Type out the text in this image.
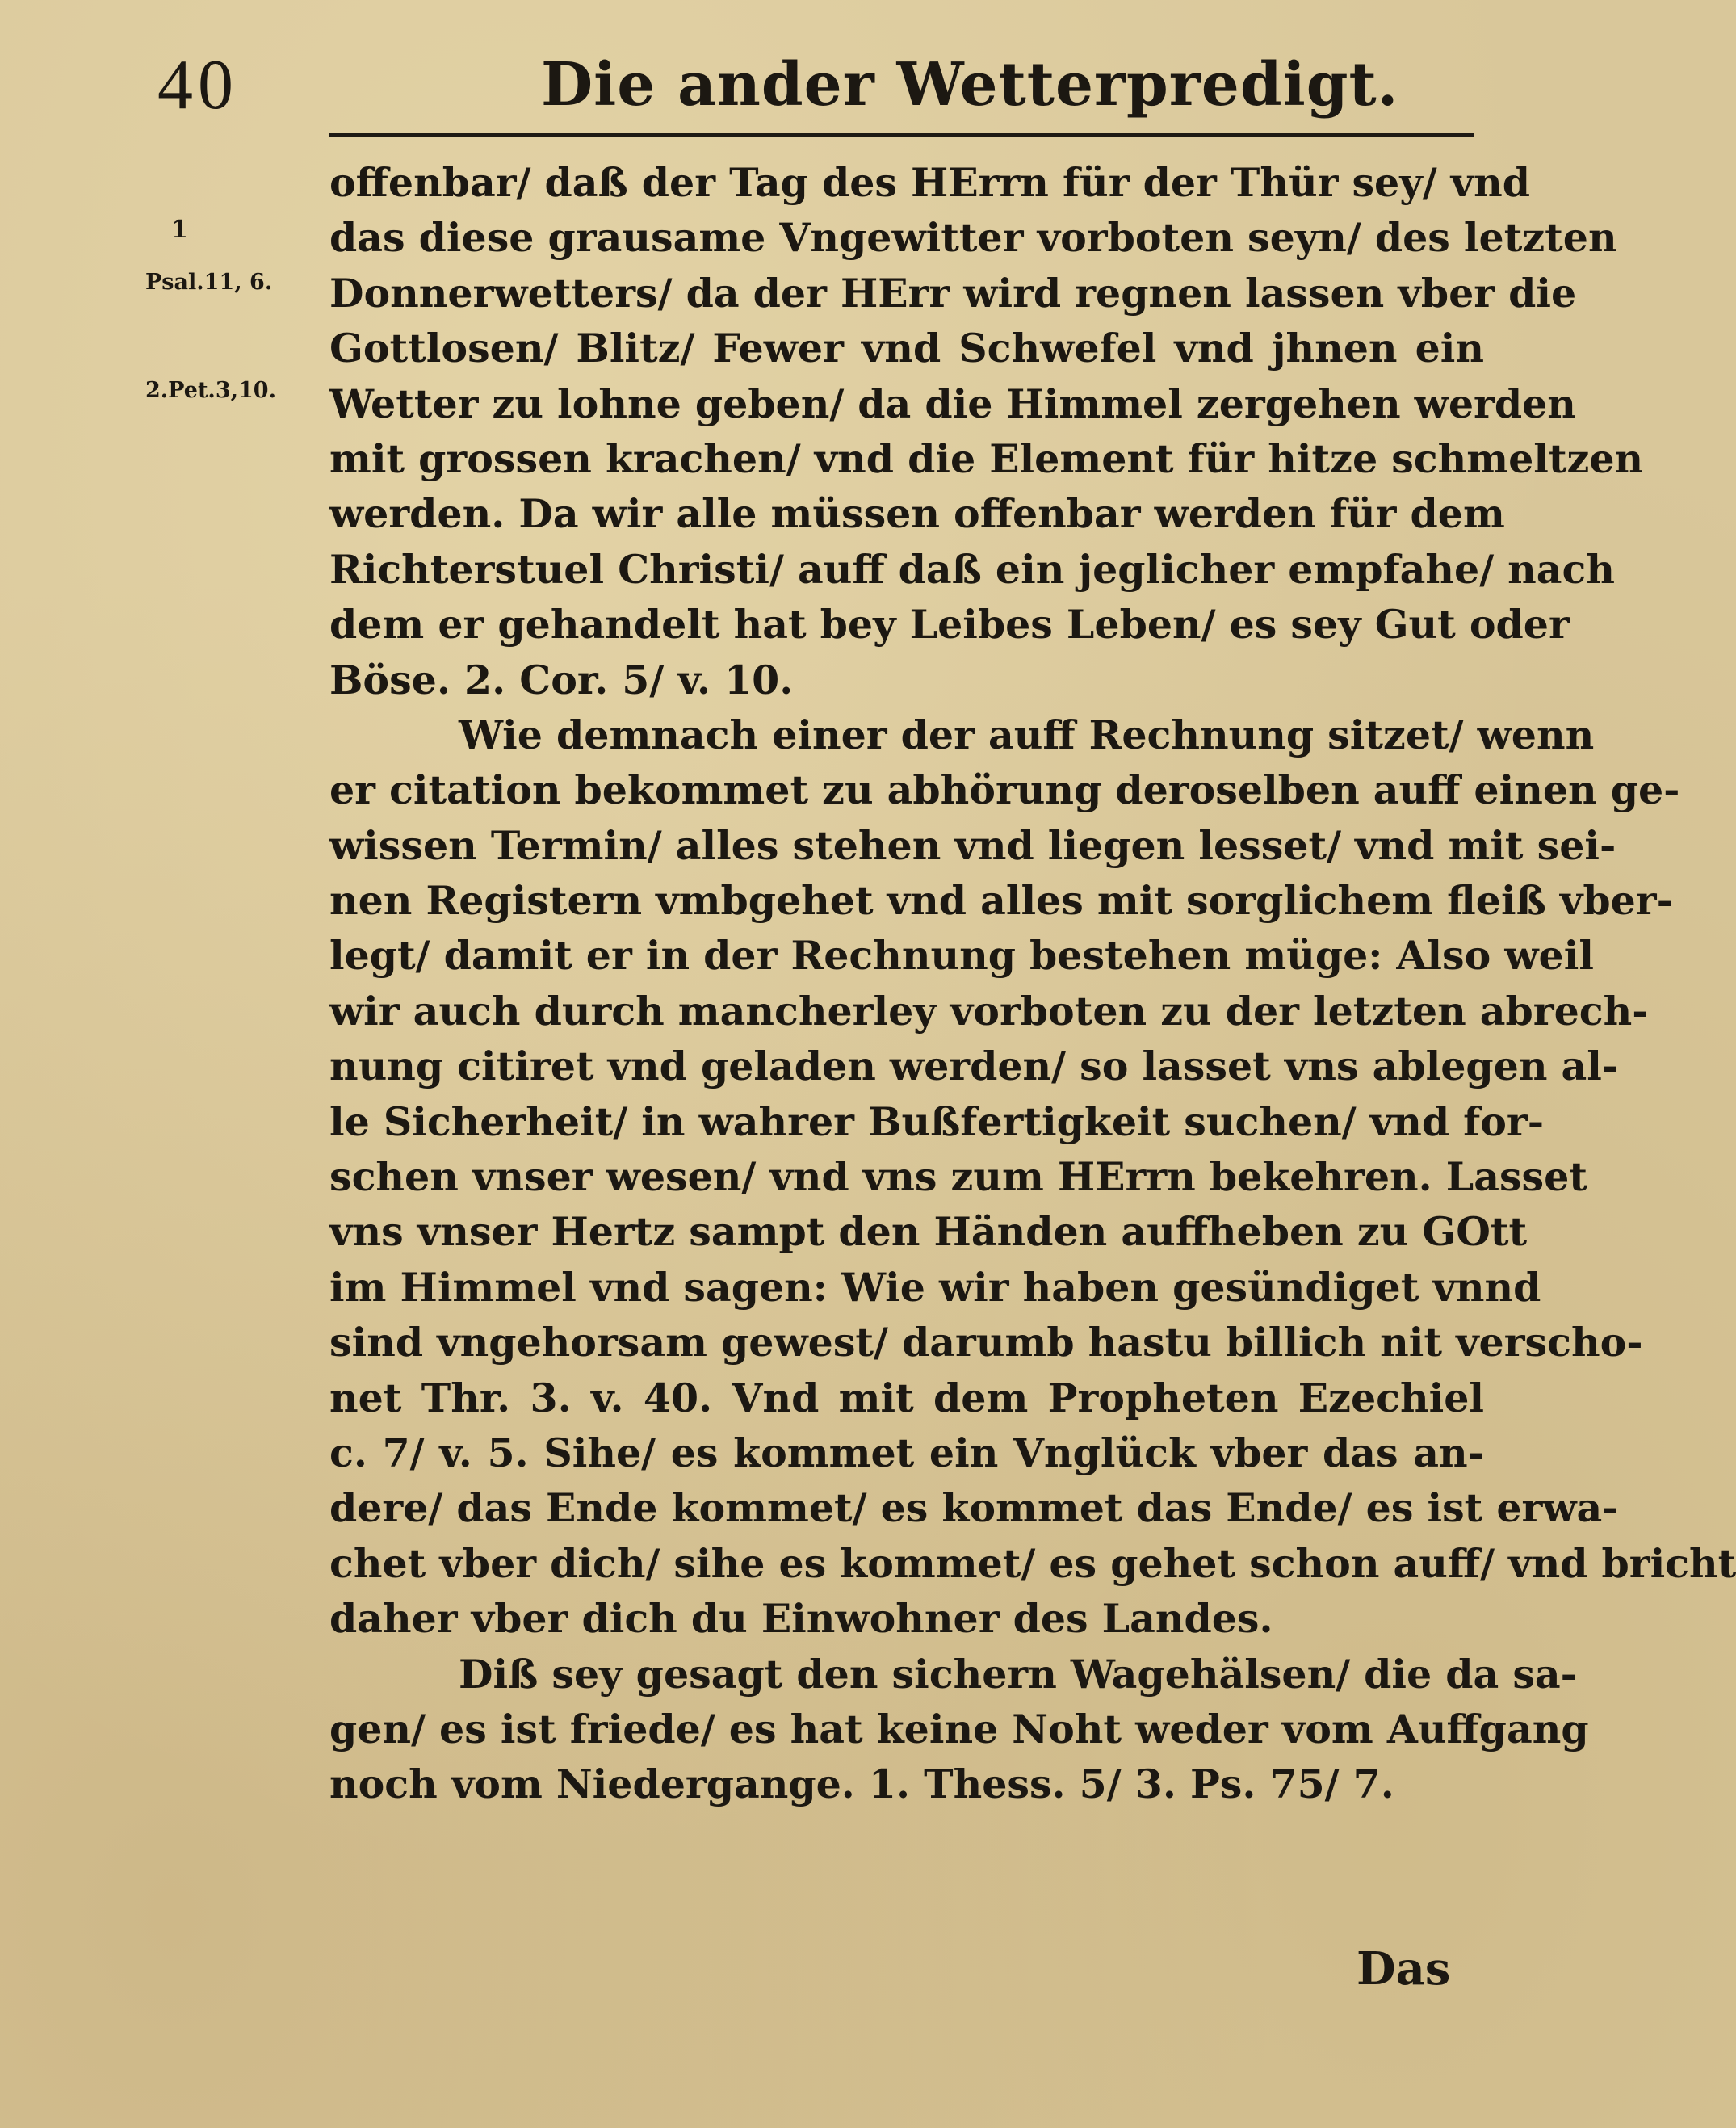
40	Die ander Wetterpredigt.
1
Psal.11, 6.
2.Pet.3,10.
offenbar/ daß der Tag des HErrn für der Thür sey/ vnd
das diese grausame Vngewitter vorboten seyn/ des letzten
Donnerwetters/ da der HErr wird regnen lassen vber die
Gottlosen/ Blitz/ Fewer vnd Schwefel vnd jhnen ein
Wetter zu lohne geben/ da die Himmel zergehen werden
mit grossen krachen/ vnd die Element für hitze schmeltzen
werden. Da wir alle müssen offenbar werden für dem
Richterstuel Christi/ auff daß ein jeglicher empfahe/ nach
dem er gehandelt hat bey Leibes Leben/ es sey Gut oder
Böse. 2. Cor. 5/ v. 10.
Wie demnach einer der auff Rechnung sitzet/ wenn
er citation bekommet zu abhörung deroselben auff einen ge-
wissen Termin/ alles stehen vnd liegen lesset/ vnd mit sei-
nen Registern vmbgehet vnd alles mit sorglichem fleiß vber-
legt/ damit er in der Rechnung bestehen müge: Also weil
wir auch durch mancherley vorboten zu der letzten abrech-
nung citiret vnd geladen werden/ so lasset vns ablegen al-
le Sicherheit/ in wahrer Bußfertigkeit suchen/ vnd for-
schen vnser wesen/ vnd vns zum HErrn bekehren. Lasset
vns vnser Hertz sampt den Händen auffheben zu GOtt
im Himmel vnd sagen: Wie wir haben gesündiget vnnd
sind vngehorsam gewest/ darumb hastu billich nit verscho-
net Thr. 3. v. 40. Vnd mit dem Propheten Ezechiel
c. 7/ v. 5. Sihe/ es kommet ein Vnglück vber das an-
dere/ das Ende kommet/ es kommet das Ende/ es ist erwa-
chet vber dich/ sihe es kommet/ es gehet schon auff/ vnd bricht
daher vber dich du Einwohner des Landes.
Diß sey gesagt den sichern Wagehälsen/ die da sa-
gen/ es ist friede/ es hat keine Noht weder vom Auffgang
noch vom Niedergange. 1. Thess. 5/ 3. Ps. 75/ 7.
Das
